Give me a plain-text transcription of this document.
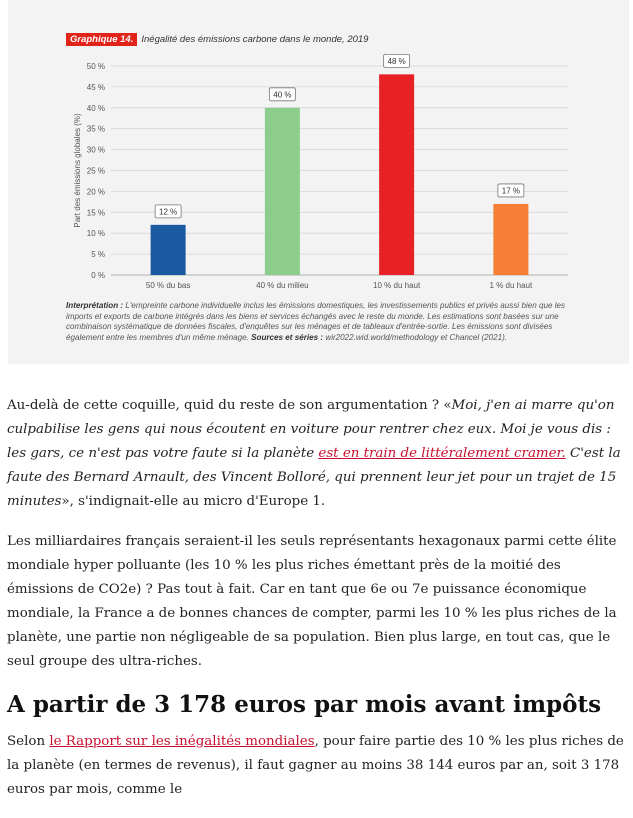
Graphique 14. Inégalité des émissions carbone dans le monde, 2019
0 %
5 %
10 %
15 %
20 %
25 %
30 %
35 %
40 %
45 %
50 %
Part des émissions globales (%)	12 %
50 % du bas
40 %
40 % du milieu
48 %
10 % du haut
17 %
1 % du haut
Interprétation : L'empreinte carbone individuelle inclus les émissions domestiques, les investissements publics et privés aussi bien que les imports et exports de carbone intégrés dans les biens et services échangés avec le reste du monde. Les estimations sont basées sur une combinaison systématique de données fiscales, d'enquêtes sur les ménages et de tableaux d'entrée-sortie. Les émissions sont divisées également entre les membres d'un même ménage. Sources et séries : wir2022.wid.world/methodology et Chancel (2021).

Au-delà de cette coquille, quid du reste de son argumentation ? «Moi, j'en ai marre qu'on culpabilise les gens qui nous écoutent en voiture pour rentrer chez eux. Moi je vous dis : les gars, ce n'est pas votre faute si la planète est en train de littéralement cramer. C'est la faute des Bernard Arnault, des Vincent Bolloré, qui prennent leur jet pour un trajet de 15 minutes», s'indignait-elle au micro d'Europe 1.

Les milliardaires français seraient-il les seuls représentants hexagonaux parmi cette élite mondiale hyper polluante (les 10 % les plus riches émettant près de la moitié des émissions de CO2e) ? Pas tout à fait. Car en tant que 6e ou 7e puissance économique mondiale, la France a de bonnes chances de compter, parmi les 10 % les plus riches de la planète, une partie non négligeable de sa population. Bien plus large, en tout cas, que le seul groupe des ultra-riches.

A partir de 3 178 euros par mois avant impôts

Selon le Rapport sur les inégalités mondiales, pour faire partie des 10 % les plus riches de la planète (en termes de revenus), il faut gagner au moins 38 144 euros par an, soit 3 178 euros par mois, comme le
